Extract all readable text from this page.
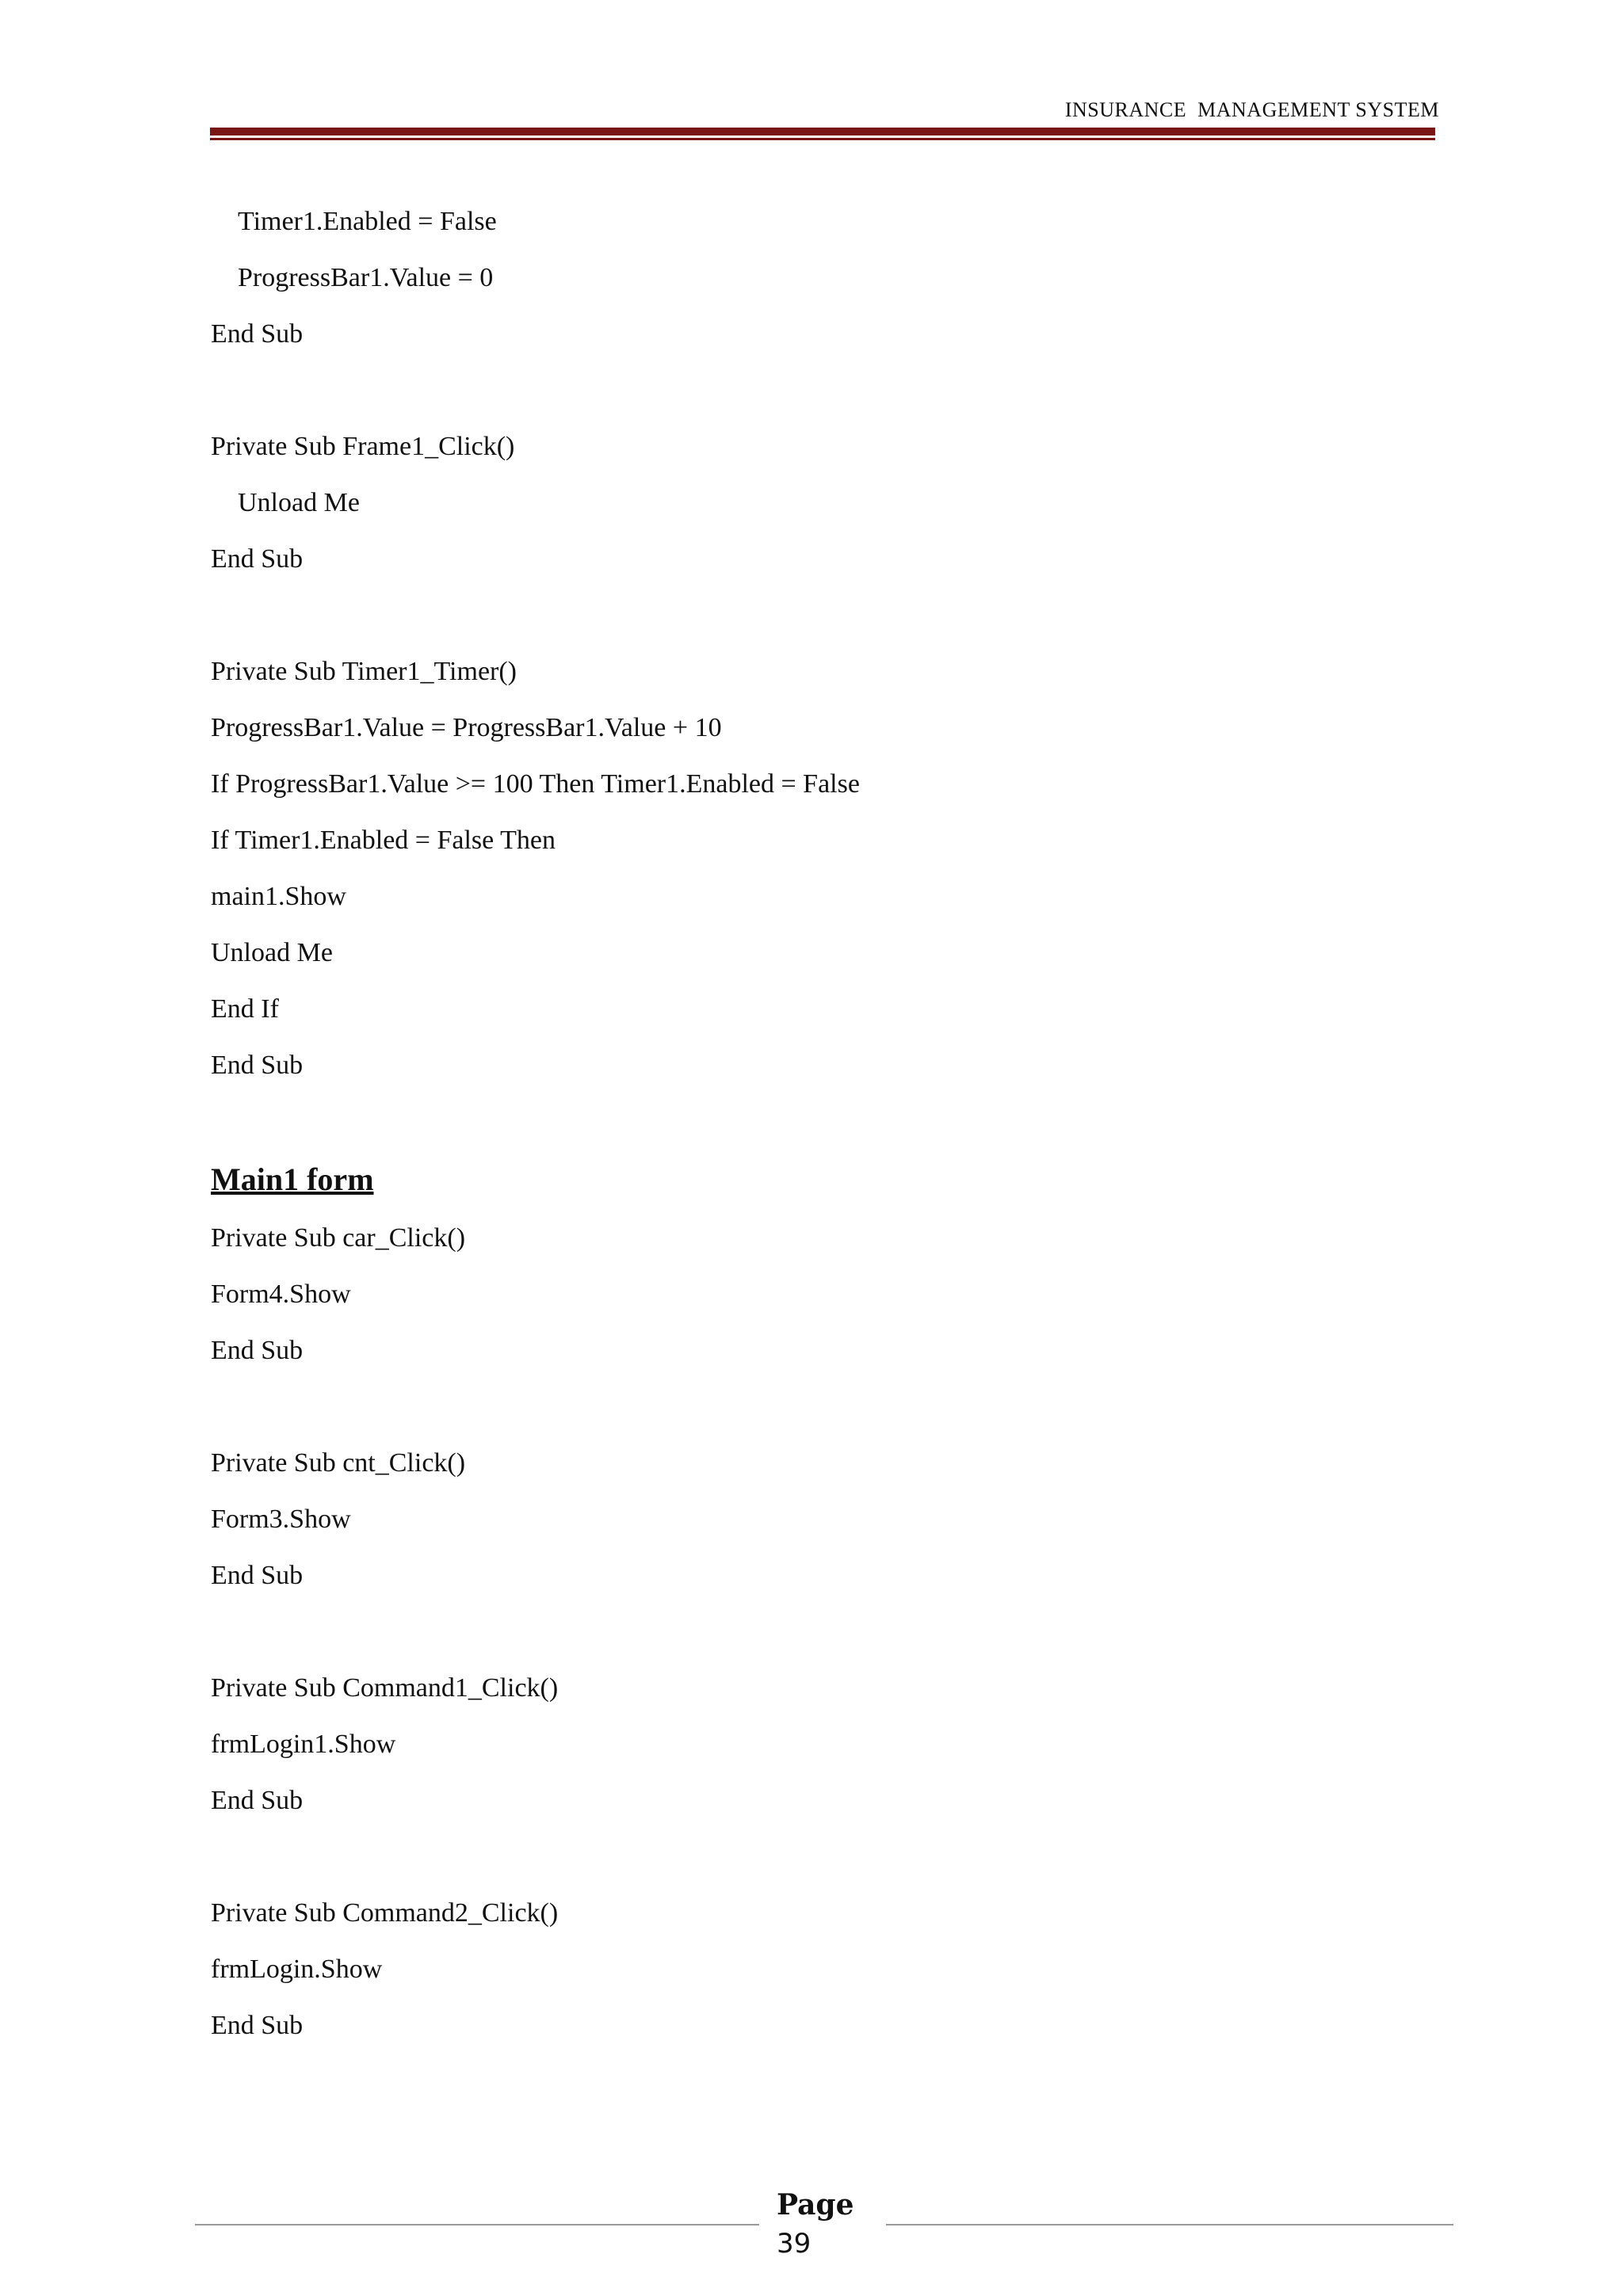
INSURANCE  MANAGEMENT SYSTEM
Timer1.Enabled = False
ProgressBar1.Value = 0
End Sub
Private Sub Frame1_Click()
Unload Me
End Sub
Private Sub Timer1_Timer()
ProgressBar1.Value = ProgressBar1.Value + 10
If ProgressBar1.Value >= 100 Then Timer1.Enabled = False
If Timer1.Enabled = False Then
main1.Show
Unload Me
End If
End Sub
Main1 form
Private Sub car_Click()
Form4.Show
End Sub
Private Sub cnt_Click()
Form3.Show
End Sub
Private Sub Command1_Click()
frmLogin1.Show
End Sub
Private Sub Command2_Click()
frmLogin.Show
End Sub
Page
39
